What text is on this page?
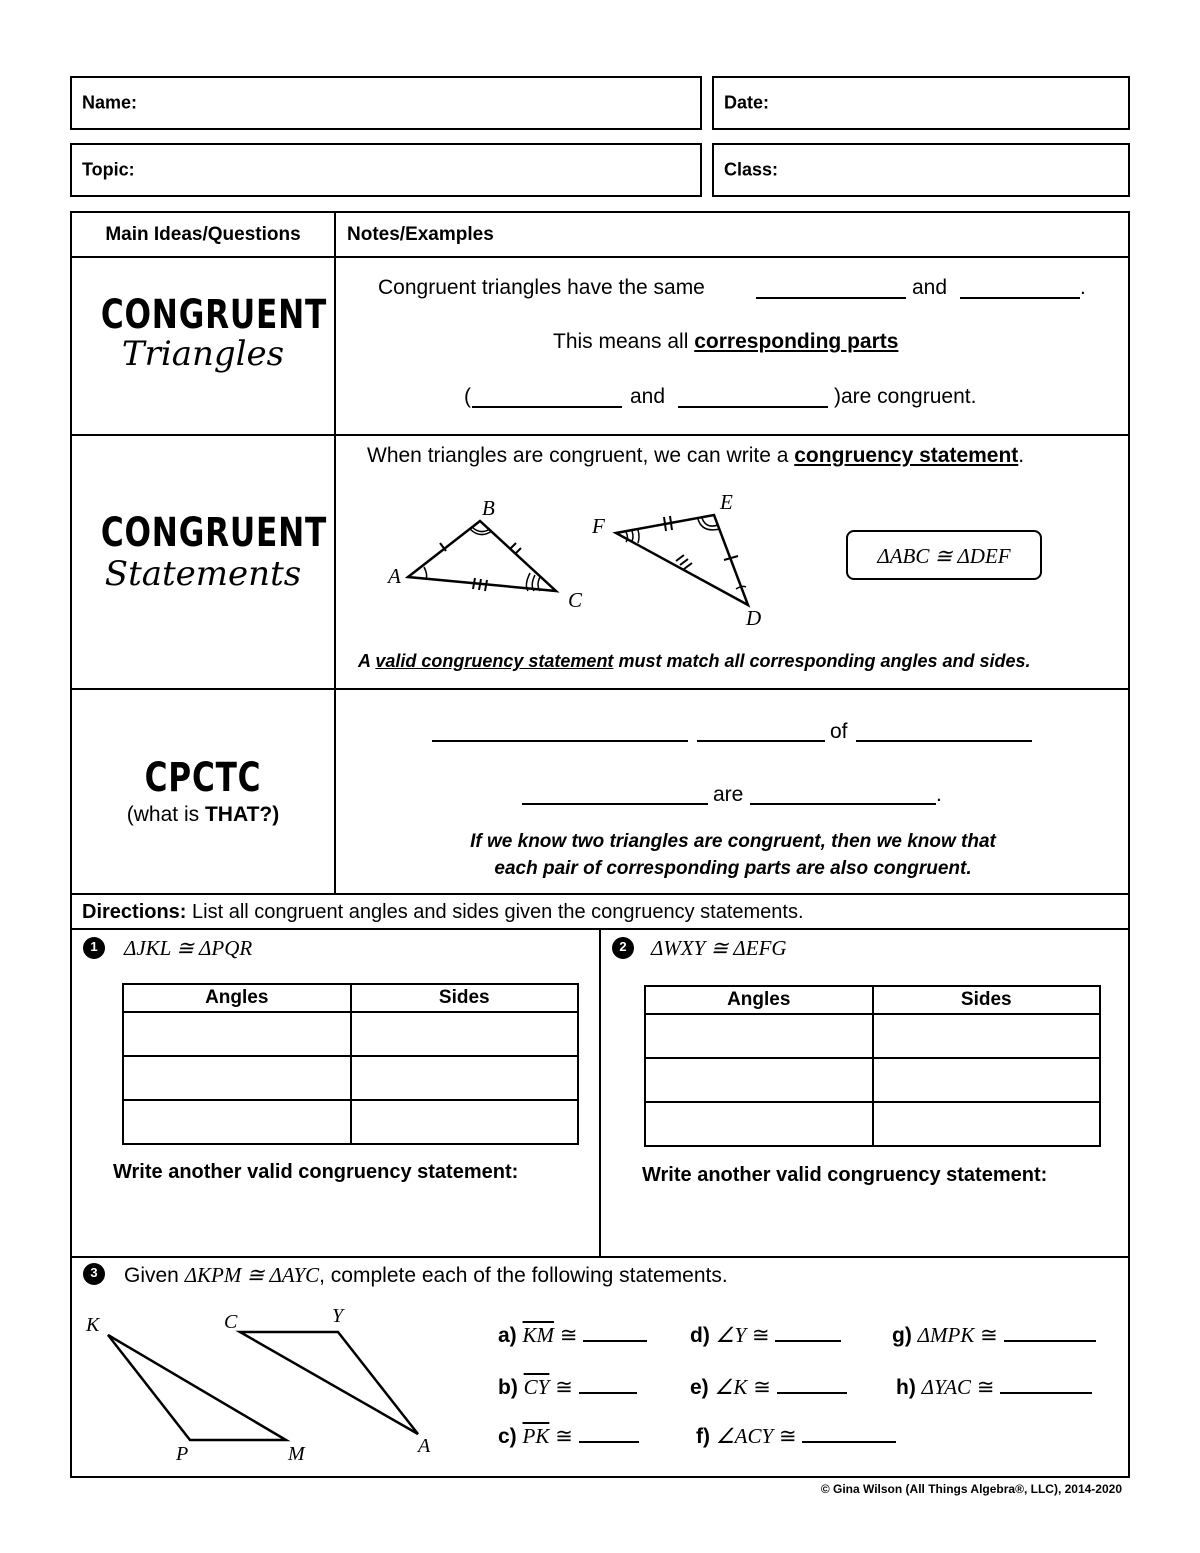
Name:	Date:
Topic:	Class:
Main Ideas/Questions	Notes/Examples
CONGRUENT
Triangles
Congruent triangles have the same	and	.
This means all corresponding parts
(	and	)are congruent.
CONGRUENT
Statements
When triangles are congruent, we can write a congruency statement.
A
B
C
F
E
D
ΔABC ≅ ΔDEF
A valid congruency statement must match all corresponding angles and sides.
CPCTC
(what is THAT?)
of
are	.
If we know two triangles are congruent, then we know that
each pair of corresponding parts are also congruent.
Directions: List all congruent angles and sides given the congruency statements.
1	ΔJKL ≅ ΔPQR
Angles	Sides

Write another valid congruency statement:
2	ΔWXY ≅ ΔEFG
Angles	Sides

Write another valid congruency statement:
3	Given ΔKPM ≅ ΔAYC, complete each of the following statements.
K
P	M
C	Y
A
a) $\overline{KM}$ ≅
b) $\overline{CY}$ ≅
c) $\overline{PK}$ ≅
d) ∠Y ≅
e) ∠K ≅
f) ∠ACY ≅
g) ΔMPK ≅
h) ΔYAC ≅
© Gina Wilson (All Things Algebra®, LLC), 2014-2020
